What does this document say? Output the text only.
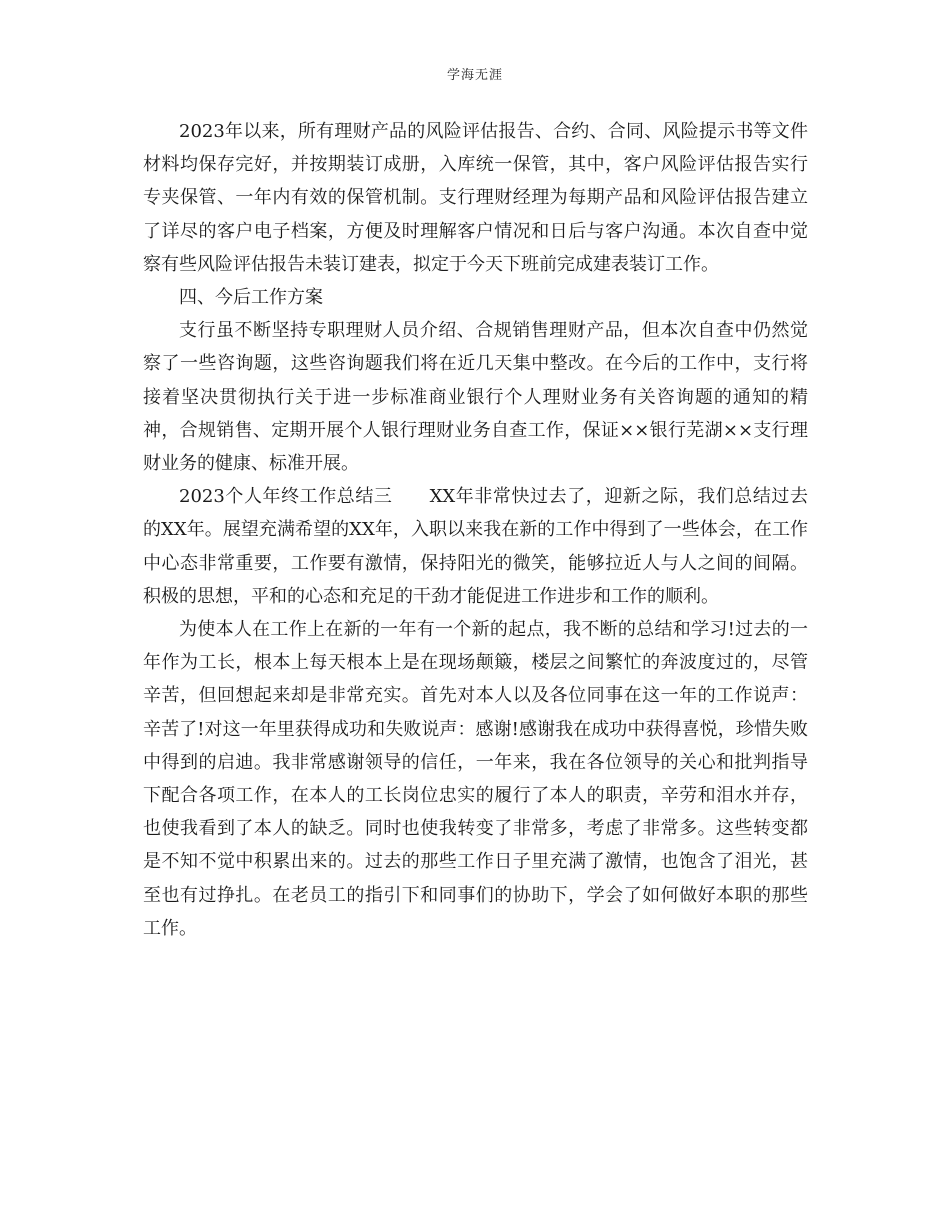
学海无涯

2023年以来，所有理财产品的风险评估报告、合约、合同、风险提示书等文件材料均保存完好，并按期装订成册，入库统一保管，其中，客户风险评估报告实行专夹保管、一年内有效的保管机制。支行理财经理为每期产品和风险评估报告建立了详尽的客户电子档案，方便及时理解客户情况和日后与客户沟通。本次自查中觉察有些风险评估报告未装订建表，拟定于今天下班前完成建表装订工作。

四、今后工作方案

支行虽不断坚持专职理财人员介绍、合规销售理财产品，但本次自查中仍然觉察了一些咨询题，这些咨询题我们将在近几天集中整改。在今后的工作中，支行将接着坚决贯彻执行关于进一步标准商业银行个人理财业务有关咨询题的通知的精神，合规销售、定期开展个人银行理财业务自查工作，保证××银行芜湖××支行理财业务的健康、标准开展。

2023个人年终工作总结三　　XX年非常快过去了，迎新之际，我们总结过去的XX年。展望充满希望的XX年，入职以来我在新的工作中得到了一些体会，在工作中心态非常重要，工作要有激情，保持阳光的微笑，能够拉近人与人之间的间隔。积极的思想，平和的心态和充足的干劲才能促进工作进步和工作的顺利。

为使本人在工作上在新的一年有一个新的起点，我不断的总结和学习!过去的一年作为工长，根本上每天根本上是在现场颠簸，楼层之间繁忙的奔波度过的，尽管辛苦，但回想起来却是非常充实。首先对本人以及各位同事在这一年的工作说声：辛苦了!对这一年里获得成功和失败说声：感谢!感谢我在成功中获得喜悦，珍惜失败中得到的启迪。我非常感谢领导的信任，一年来，我在各位领导的关心和批判指导下配合各项工作，在本人的工长岗位忠实的履行了本人的职责，辛劳和泪水并存，也使我看到了本人的缺乏。同时也使我转变了非常多，考虑了非常多。这些转变都是不知不觉中积累出来的。过去的那些工作日子里充满了激情，也饱含了泪光，甚至也有过挣扎。在老员工的指引下和同事们的协助下，学会了如何做好本职的那些工作。
